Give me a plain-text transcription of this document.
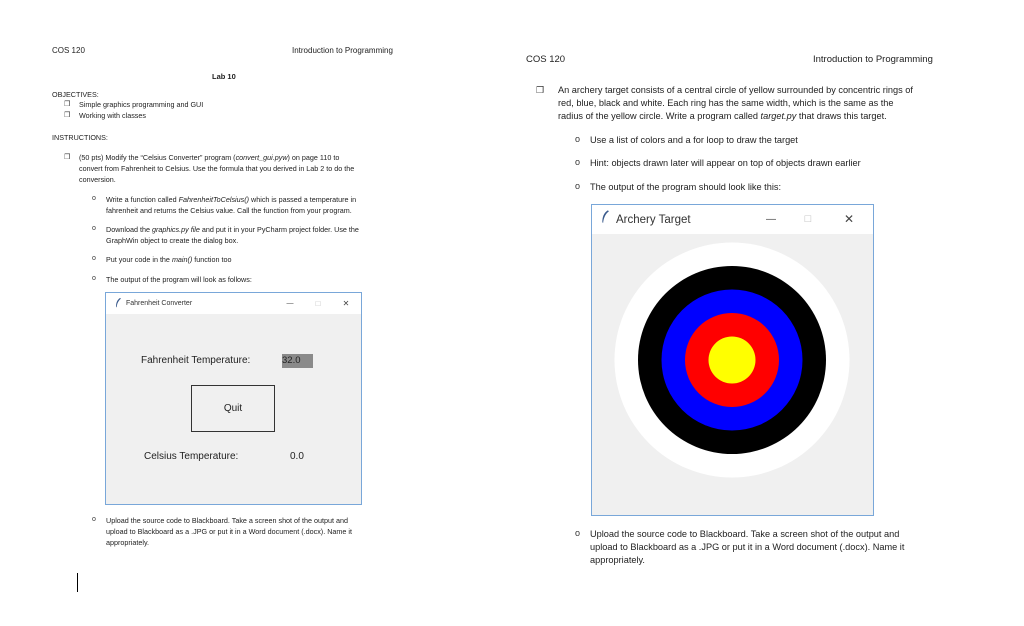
COS 120	Introduction to Programming
Lab 10
OBJECTIVES:
❒ Simple graphics programming and GUI
❒ Working with classes
INSTRUCTIONS:
❒ (50 pts) Modify the “Celsius Converter” program (convert_gui.pyw) on page 110 to
convert from Fahrenheit to Celsius. Use the formula that you derived in Lab 2 to do the
conversion.
o Write a function called FahrenheitToCelsius() which is passed a temperature in
fahrenheit and returns the Celsius value. Call the function from your program.
o Download the graphics.py file and put it in your PyCharm project folder. Use the
GraphWin object to create the dialog box.
o Put your code in the main() function too
o The output of the program will look as follows:
Fahrenheit Converter	—	□	✕
Fahrenheit Temperature:	32.0
Quit
Celsius Temperature:	0.0
o Upload the source code to Blackboard. Take a screen shot of the output and
upload to Blackboard as a .JPG or put it in a Word document (.docx). Name it
appropriately.
COS 120	Introduction to Programming
❒ An archery target consists of a central circle of yellow surrounded by concentric rings of
red, blue, black and white. Each ring has the same width, which is the same as the
radius of the yellow circle. Write a program called target.py that draws this target.
o Use a list of colors and a for loop to draw the target
o Hint: objects drawn later will appear on top of objects drawn earlier
o The output of the program should look like this:
Archery Target	—	□	✕
o Upload the source code to Blackboard. Take a screen shot of the output and
upload to Blackboard as a .JPG or put it in a Word document (.docx). Name it
appropriately.
